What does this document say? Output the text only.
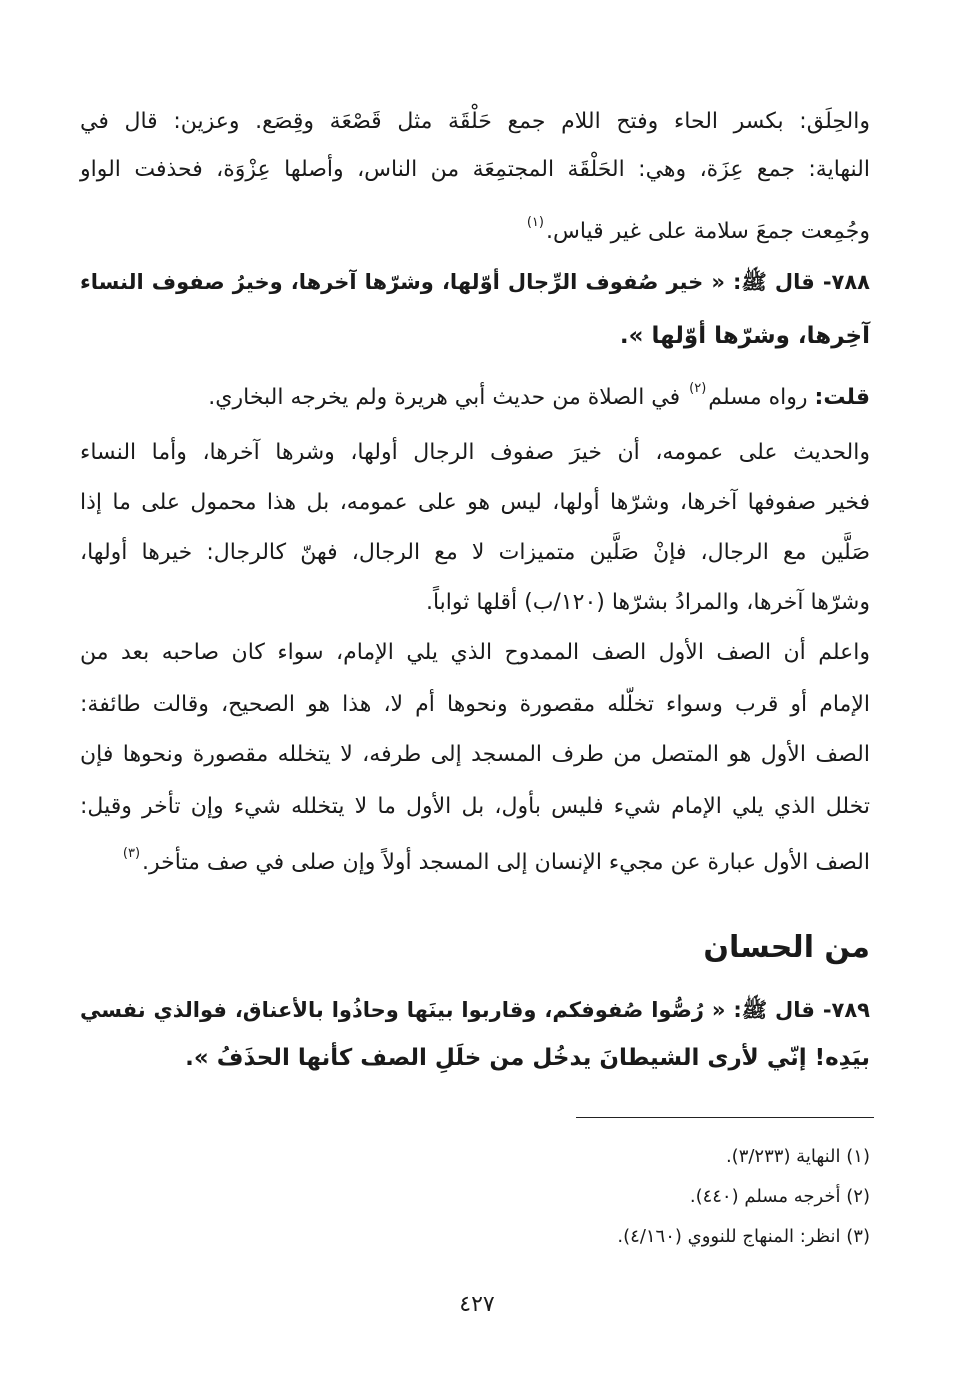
والحِلَق: بكسر الحاء وفتح اللام جمع حَلْقَة مثل قَصْعَة وقِصَع. وعزين: قال في
النهاية: جمع عِزَة، وهي: الحَلْقَة المجتمِعَة من الناس، وأصلها عِزْوَة، فحذفت الواو
وجُمِعت جمعَ سلامة على غير قياس.$^{(١)}$
٧٨٨- قال ﷺ: « خير صُفوف الرِّجال أوّلها، وشرّها آخرها، وخيرُ صفوف النساء
آخِرها، وشرّها أوّلها ».
قلت: رواه مسلم$^{(٢)}$ في الصلاة من حديث أبي هريرة ولم يخرجه البخاري.
والحديث على عمومه، أن خيرَ صفوف الرجال أولها، وشرها آخرها، وأما النساء
فخير صفوفها آخرها، وشرّها أولها، ليس هو على عمومه، بل هذا محمول على ما إذا
صَلَّين مع الرجال، فإنْ صَلَّين متميزات لا مع الرجال، فهنّ كالرجال: خيرها أولها،
وشرّها آخرها، والمرادُ بشرّها (١٢٠/ب) أقلها ثواباً.
واعلم أن الصف الأول الصف الممدوح الذي يلي الإمام، سواء كان صاحبه بعد من
الإمام أو قرب وسواء تخلّله مقصورة ونحوها أم لا، هذا هو الصحيح، وقالت طائفة:
الصف الأول هو المتصل من طرف المسجد إلى طرفه، لا يتخلله مقصورة ونحوها فإن
تخلل الذي يلي الإمام شيء فليس بأول، بل الأول ما لا يتخلله شيء وإن تأخر وقيل:
الصف الأول عبارة عن مجيء الإنسان إلى المسجد أولاً وإن صلى في صف متأخر.$^{(٣)}$
من الحسان
٧٨٩- قال ﷺ: « رُصُّوا صُفوفكم، وقاربوا بينَها وحاذُوا بالأعناق، فوالذي نفسي
بيَدِه! إنّي لأرى الشيطانَ يدخُل من خلَلِ الصف كأنها الحذَفُ ».
(١) النهاية (٣/٢٣٣).
(٢) أخرجه مسلم (٤٤٠).
(٣) انظر: المنهاج للنووي (٤/١٦٠).
٤٢٧
